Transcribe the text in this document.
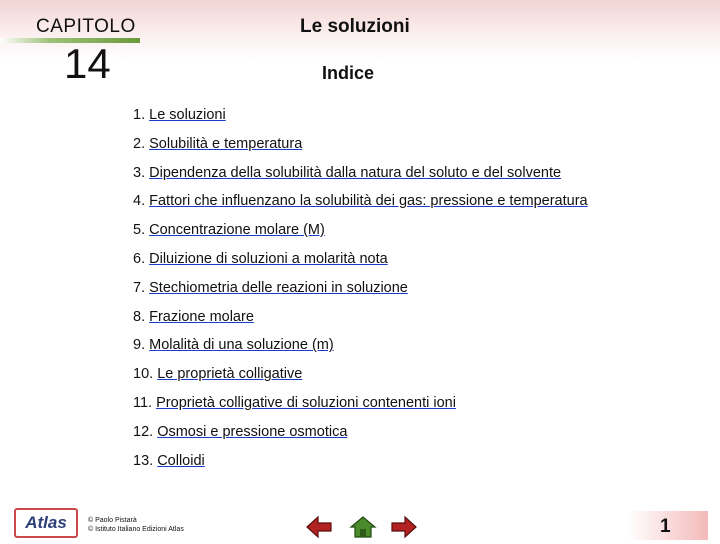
CAPITOLO
14
Le soluzioni
Indice
1. Le soluzioni
2. Solubilità e temperatura
3. Dipendenza della solubilità dalla natura del soluto e del solvente
4. Fattori che influenzano la solubilità dei gas: pressione e temperatura
5. Concentrazione molare (M)
6. Diluizione di soluzioni a molarità nota
7. Stechiometria delle reazioni in soluzione
8. Frazione molare
9. Molalità di una soluzione (m)
10. Le proprietà colligative
11. Proprietà colligative di soluzioni contenenti ioni
12. Osmosi e pressione osmotica
13. Colloidi
Atlas	© Paolo Pistarà
© Istituto Italiano Edizioni Atlas	1
